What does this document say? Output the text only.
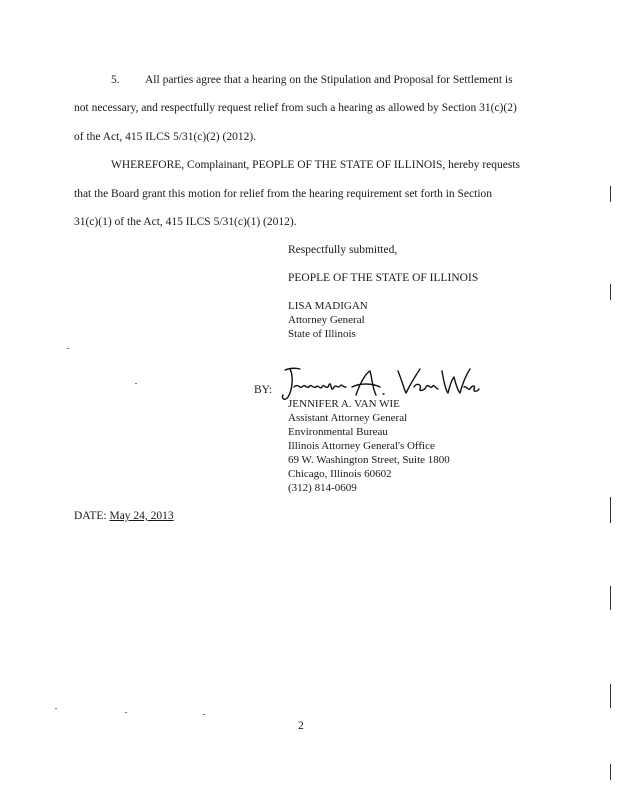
5. All parties agree that a hearing on the Stipulation and Proposal for Settlement is
not necessary, and respectfully request relief from such a hearing as allowed by Section 31(c)(2)
of the Act, 415 ILCS 5/31(c)(2) (2012).
WHEREFORE, Complainant, PEOPLE OF THE STATE OF ILLINOIS, hereby requests
that the Board grant this motion for relief from the hearing requirement set forth in Section
31(c)(1) of the Act, 415 ILCS 5/31(c)(1) (2012).
Respectfully submitted,
PEOPLE OF THE STATE OF ILLINOIS
LISA MADIGAN
Attorney General
State of Illinois
BY:
JENNIFER A. VAN WIE
Assistant Attorney General
Environmental Bureau
Illinois Attorney General's Office
69 W. Washington Street, Suite 1800
Chicago, Illinois 60602
(312) 814-0609
DATE: May 24, 2013
2
